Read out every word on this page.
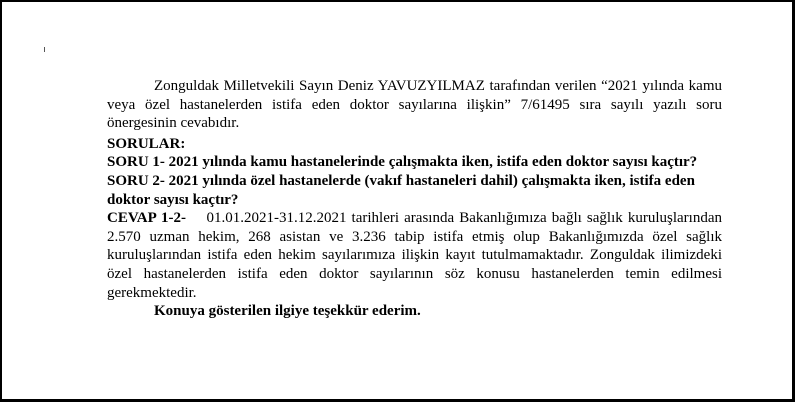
Zonguldak Milletvekili Sayın Deniz YAVUZYILMAZ tarafından verilen “2021 yılında kamu veya özel hastanelerden istifa eden doktor sayılarına ilişkin” 7/61495 sıra sayılı yazılı soru önergesinin cevabıdır.

SORULAR:

SORU 1- 2021 yılında kamu hastanelerinde çalışmakta iken, istifa eden doktor sayısı kaçtır?

SORU 2- 2021 yılında özel hastanelerde (vakıf hastaneleri dahil) çalışmakta iken, istifa eden doktor sayısı kaçtır?

CEVAP 1-2- 01.01.2021-31.12.2021 tarihleri arasında Bakanlığımıza bağlı sağlık kuruluşlarından 2.570 uzman hekim, 268 asistan ve 3.236 tabip istifa etmiş olup Bakanlığımızda özel sağlık kuruluşlarından istifa eden hekim sayılarımıza ilişkin kayıt tutulmamaktadır. Zonguldak ilimizdeki özel hastanelerden istifa eden doktor sayılarının söz konusu hastanelerden temin edilmesi gerekmektedir.

Konuya gösterilen ilgiye teşekkür ederim.
